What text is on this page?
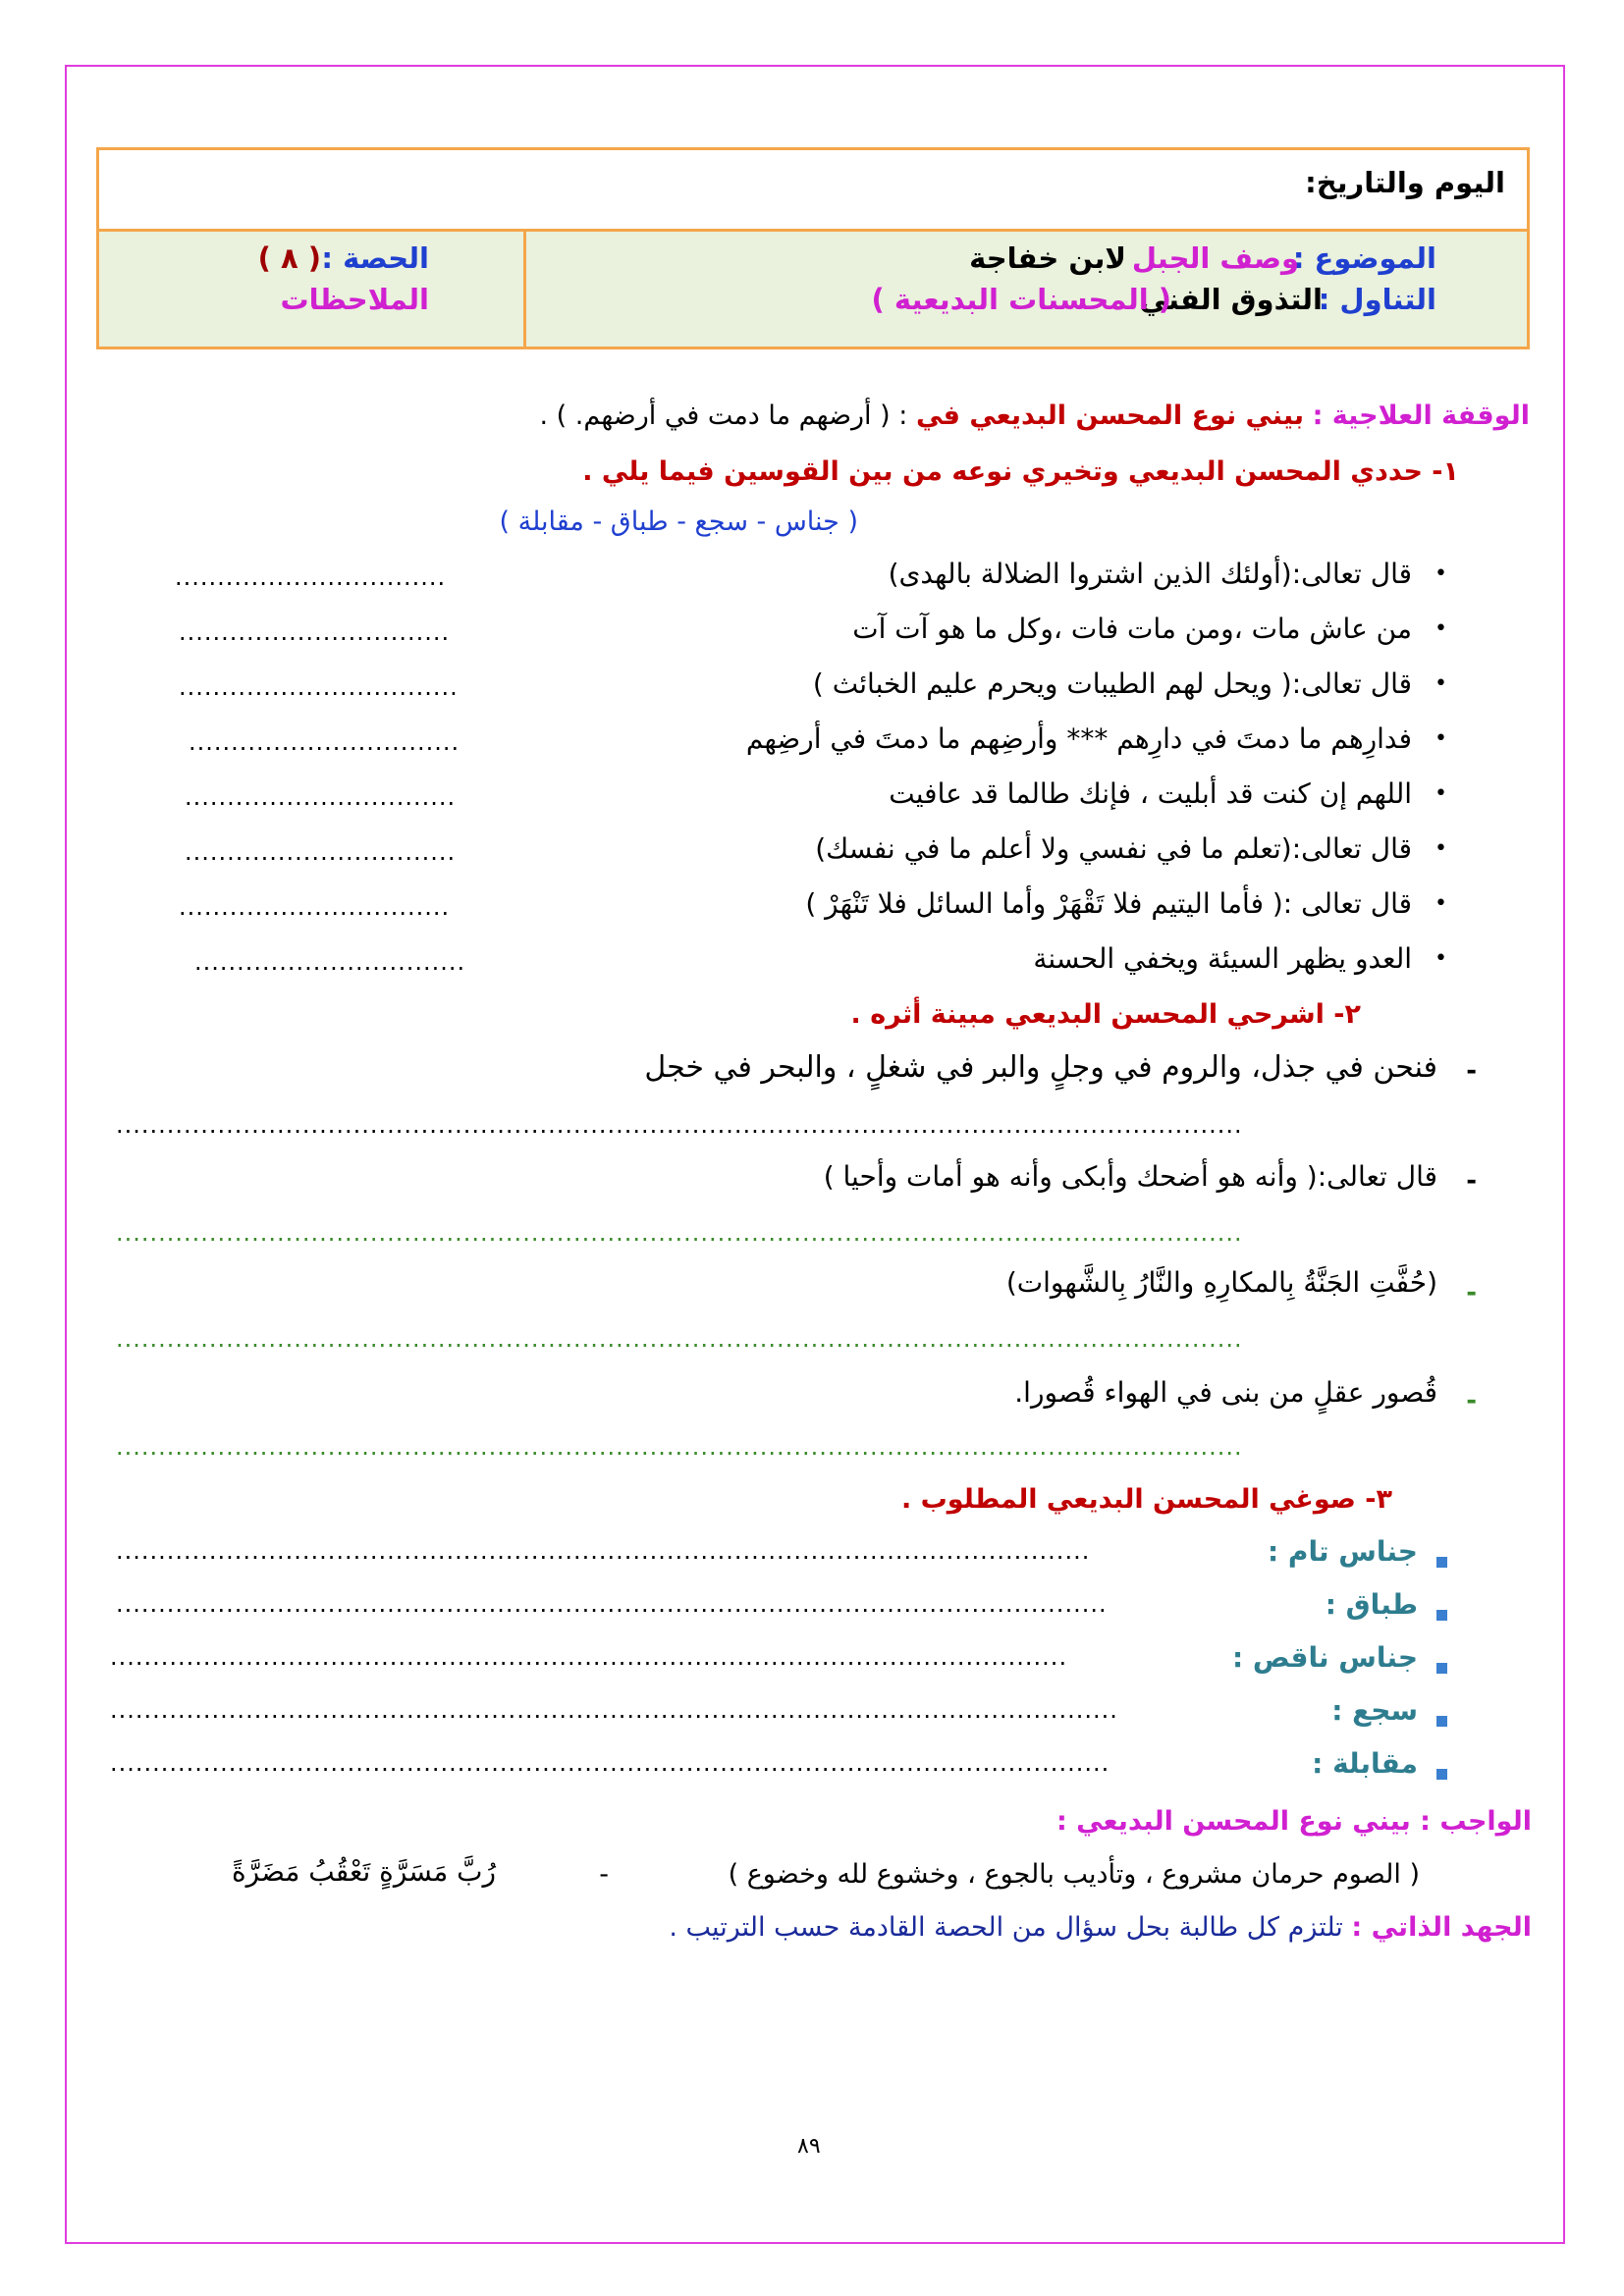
اليوم والتاريخ:
الموضوع :
وصف الجبل
لابن خفاجة
التناول :
التذوق الفني
( المحسنات البديعية )
الحصة :
( ٨ )
الملاحظات
الوقفة العلاجية : بيني نوع المحسن البديعي في : ( أرضهم ما دمت في أرضهم. ) .
١- حددي المحسن البديعي وتخيري نوعه من بين القوسين فيما يلي .
( جناس - سجع - طباق - مقابلة )
•
قال تعالى:(أولئك الذين اشتروا الضلالة بالهدى)
................................
•
من عاش مات ،ومن مات فات ،وكل ما هو آت آت
................................
•
قال تعالى:( ويحل لهم الطيبات ويحرم عليم الخبائث )
.................................
•
فدارِهم ما دمتَ في دارِهم *** وأرضِهم ما دمتَ في أرضِهم
................................
•
اللهم إن كنت قد أبليت ، فإنك طالما قد عافيت
................................
•
قال تعالى:(تعلم ما في نفسي ولا أعلم ما في نفسك)
................................
•
قال تعالى :( فأما اليتيم فلا تَقْهَرْ وأما السائل فلا تَنْهَرْ )
................................
•
العدو يظهر السيئة ويخفي الحسنة
................................
٢- اشرحي المحسن البديعي مبينة أثره .
-
فنحن في جذل، والروم في وجلٍ والبر في شغلٍ ، والبحر في خجل
.....................................................................................................................................
-
قال تعالى:( وأنه هو أضحك وأبكى وأنه هو أمات وأحيا )
.....................................................................................................................................
-
(حُفَّتِ الجَنَّةُ بِالمكارِهِ والنَّارُ بِالشَّهوات)
.....................................................................................................................................
-
قُصور عقلٍ من بنى في الهواء قُصورا.
.....................................................................................................................................
٣- صوغي المحسن البديعي المطلوب .
جناس تام :
...................................................................................................................
طباق :
.....................................................................................................................
جناس ناقص :
.................................................................................................................
سجع :
.......................................................................................................................
مقابلة :
......................................................................................................................
الواجب : بيني نوع المحسن البديعي :
( الصوم حرمان مشروع ، وتأديب بالجوع ، وخشوع لله وخضوع )
-
رُبَّ مَسَرَّةٍ تَعْقُبُ مَضَرَّةً
الجهد الذاتي : تلتزم كل طالبة بحل سؤال من الحصة القادمة حسب الترتيب .
٨٩
